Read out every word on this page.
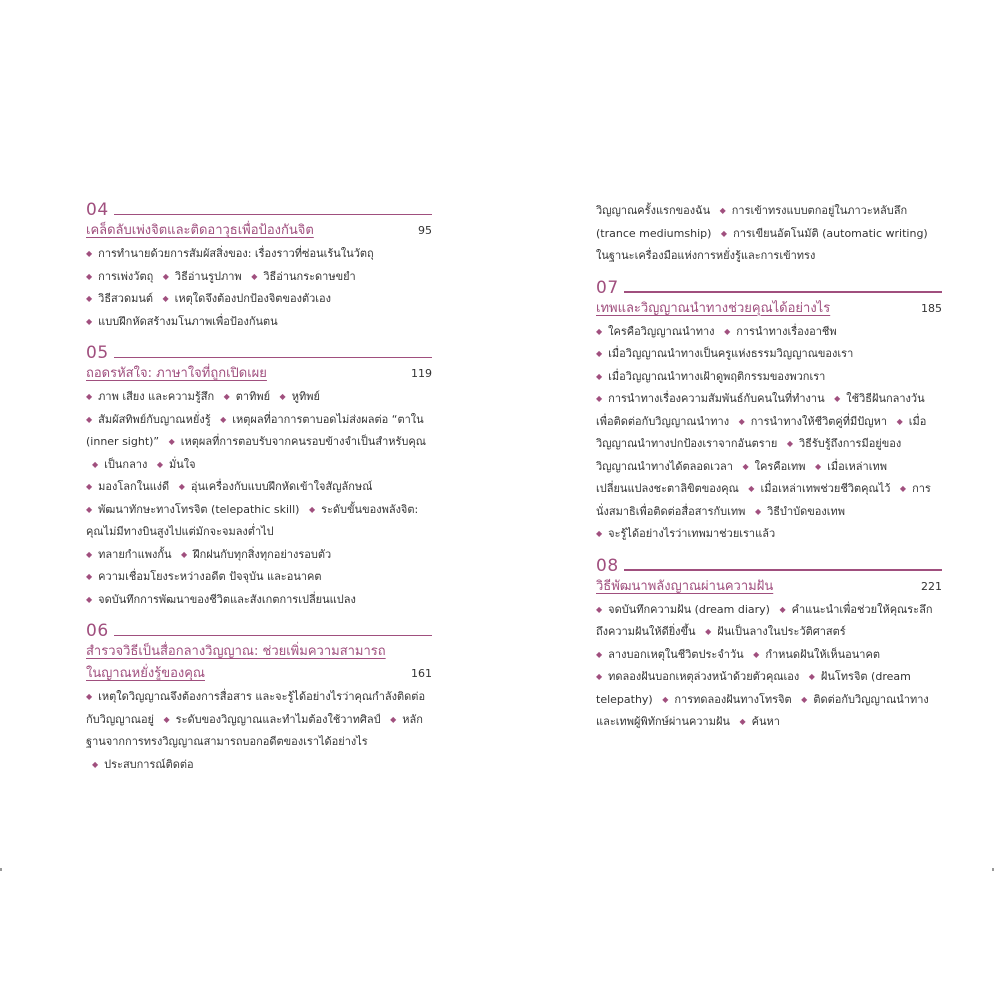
04
เคล็ดลับเพ่งจิตและติดอาวุธเพื่อป้องกันจิต	95
◆ การทำนายด้วยการสัมผัสสิ่งของ: เรื่องราวที่ซ่อนเร้นในวัตถุ
◆ การเพ่งวัตถุ ◆ วิธีอ่านรูปภาพ ◆ วิธีอ่านกระดาษขยำ
◆ วิธีสวดมนต์ ◆ เหตุใดจึงต้องปกป้องจิตของตัวเอง
◆ แบบฝึกหัดสร้างมโนภาพเพื่อป้องกันตน
05
ถอดรหัสใจ: ภาษาใจที่ถูกเปิดเผย	119
◆ ภาพ เสียง และความรู้สึก ◆ ตาทิพย์ ◆ หูทิพย์
◆ สัมผัสทิพย์กับญาณหยั่งรู้ ◆ เหตุผลที่อาการตาบอดไม่ส่งผลต่อ “ตาใน (inner sight)” ◆ เหตุผลที่การตอบรับจากคนรอบข้างจำเป็นสำหรับคุณ ◆ เป็นกลาง ◆ มั่นใจ
◆ มองโลกในแง่ดี ◆ อุ่นเครื่องกับแบบฝึกหัดเข้าใจสัญลักษณ์
◆ พัฒนาทักษะทางโทรจิต (telepathic skill) ◆ ระดับขั้นของพลังจิต: คุณไม่มีทางบินสูงไปแต่มักจะจมลงต่ำไป
◆ ทลายกำแพงกั้น ◆ ฝึกฝนกับทุกสิ่งทุกอย่างรอบตัว
◆ ความเชื่อมโยงระหว่างอดีต ปัจจุบัน และอนาคต
◆ จดบันทึกการพัฒนาของชีวิตและสังเกตการเปลี่ยนแปลง
06
สำรวจวิธีเป็นสื่อกลางวิญญาณ: ช่วยเพิ่มความสามารถในญาณหยั่งรู้ของคุณ	161
◆ เหตุใดวิญญาณจึงต้องการสื่อสาร และจะรู้ได้อย่างไรว่าคุณกำลังติดต่อกับวิญญาณอยู่ ◆ ระดับของวิญญาณและทำไมต้องใช้วาทศิลป์ ◆ หลักฐานจากการทรงวิญญาณสามารถบอกอดีตของเราได้อย่างไร ◆ ประสบการณ์ติดต่อ
วิญญาณครั้งแรกของฉัน ◆ การเข้าทรงแบบตกอยู่ในภาวะหลับลึก (trance mediumship) ◆ การเขียนอัตโนมัติ (automatic writing) ในฐานะเครื่องมือแห่งการหยั่งรู้และการเข้าทรง
07
เทพและวิญญาณนำทางช่วยคุณได้อย่างไร	185
◆ ใครคือวิญญาณนำทาง ◆ การนำทางเรื่องอาชีพ
◆ เมื่อวิญญาณนำทางเป็นครูแห่งธรรมวิญญาณของเรา
◆ เมื่อวิญญาณนำทางเฝ้าดูพฤติกรรมของพวกเรา
◆ การนำทางเรื่องความสัมพันธ์กับคนในที่ทำงาน ◆ ใช้วิธีฝันกลางวันเพื่อติดต่อกับวิญญาณนำทาง ◆ การนำทางให้ชีวิตคู่ที่มีปัญหา ◆ เมื่อวิญญาณนำทางปกป้องเราจากอันตราย ◆ วิธีรับรู้ถึงการมีอยู่ของวิญญาณนำทางได้ตลอดเวลา ◆ ใครคือเทพ ◆ เมื่อเหล่าเทพเปลี่ยนแปลงชะตาลิขิตของคุณ ◆ เมื่อเหล่าเทพช่วยชีวิตคุณไว้ ◆ การนั่งสมาธิเพื่อติดต่อสื่อสารกับเทพ ◆ วิธีบำบัดของเทพ
◆ จะรู้ได้อย่างไรว่าเทพมาช่วยเราแล้ว
08
วิธีพัฒนาพลังญาณผ่านความฝัน	221
◆ จดบันทึกความฝัน (dream diary) ◆ คำแนะนำเพื่อช่วยให้คุณระลึกถึงความฝันให้ดียิ่งขึ้น ◆ ฝันเป็นลางในประวัติศาสตร์
◆ ลางบอกเหตุในชีวิตประจำวัน ◆ กำหนดฝันให้เห็นอนาคต
◆ ทดลองฝันบอกเหตุล่วงหน้าด้วยตัวคุณเอง ◆ ฝันโทรจิต (dream telepathy) ◆ การทดลองฝันทางโทรจิต ◆ ติดต่อกับวิญญาณนำทางและเทพผู้พิทักษ์ผ่านความฝัน ◆ ค้นหา
